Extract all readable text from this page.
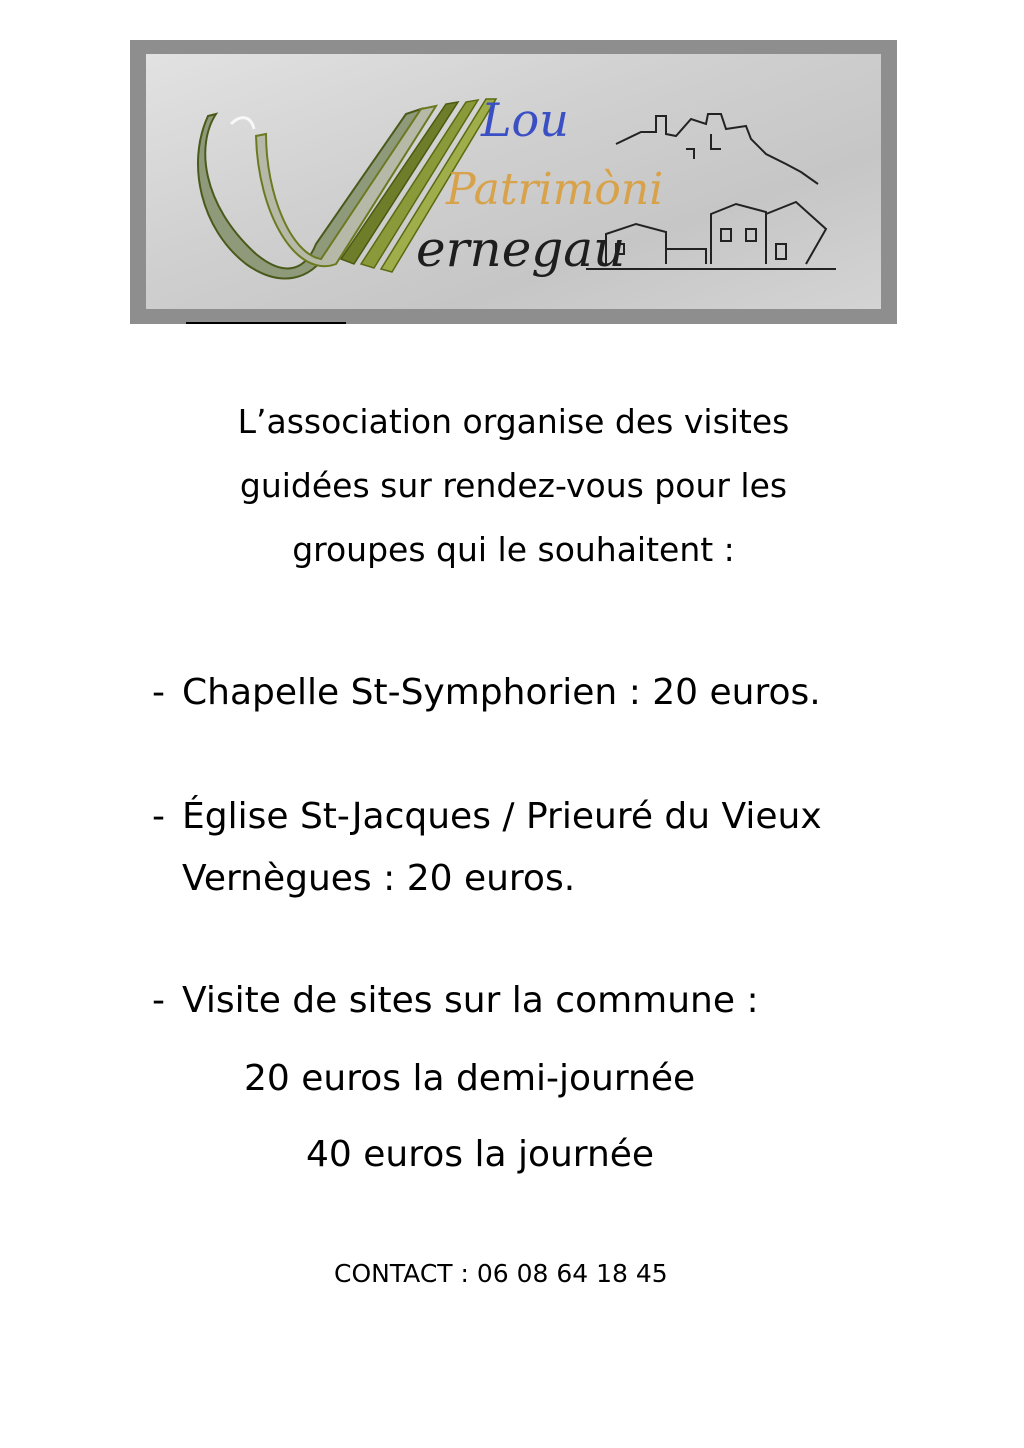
Lou
Patrimòni
ernegau
L’association organise des visites
guidées sur rendez-vous pour les
groupes qui le souhaitent :
- Chapelle St-Symphorien : 20 euros.
- Église St-Jacques / Prieuré du Vieux
Vernègues : 20 euros.
- Visite de sites sur la commune :
20 euros la demi-journée
40 euros la journée
CONTACT : 06 08 64 18 45
